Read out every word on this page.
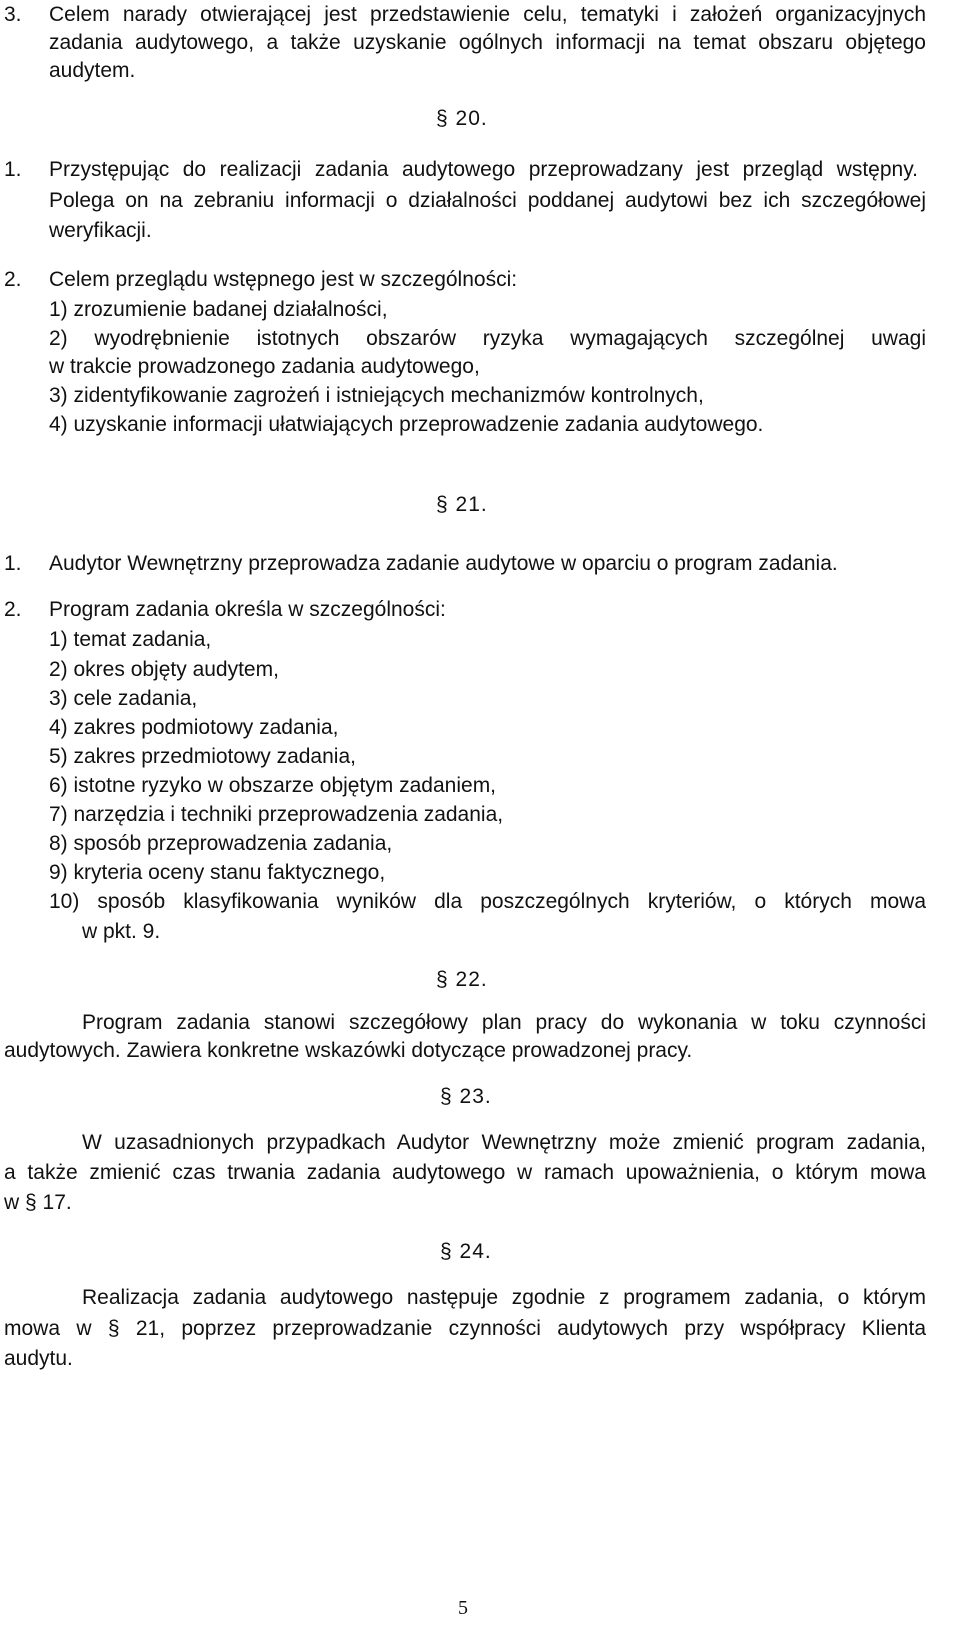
3. Celem narady otwierającej jest przedstawienie celu, tematyki i założeń organizacyjnych
zadania audytowego, a także uzyskanie ogólnych informacji na temat obszaru objętego
audytem.
§ 20.
1. Przystępując do realizacji zadania audytowego przeprowadzany jest przegląd wstępny.
Polega on na zebraniu informacji o działalności poddanej audytowi bez ich szczegółowej
weryfikacji.
2. Celem przeglądu wstępnego jest w szczególności:
1) zrozumienie badanej działalności,
2) wyodrębnienie istotnych obszarów ryzyka wymagających szczególnej uwagi
w trakcie prowadzonego zadania audytowego,
3) zidentyfikowanie zagrożeń i istniejących mechanizmów kontrolnych,
4) uzyskanie informacji ułatwiających przeprowadzenie zadania audytowego.
§ 21.
1. Audytor Wewnętrzny przeprowadza zadanie audytowe w oparciu o program zadania.
2. Program zadania określa w szczególności:
1) temat zadania,
2) okres objęty audytem,
3) cele zadania,
4) zakres podmiotowy zadania,
5) zakres przedmiotowy zadania,
6) istotne ryzyko w obszarze objętym zadaniem,
7) narzędzia i techniki przeprowadzenia zadania,
8) sposób przeprowadzenia zadania,
9) kryteria oceny stanu faktycznego,
10) sposób klasyfikowania wyników dla poszczególnych kryteriów, o których mowa
w pkt. 9.
§ 22.
Program zadania stanowi szczegółowy plan pracy do wykonania w toku czynności
audytowych. Zawiera konkretne wskazówki dotyczące prowadzonej pracy.
§ 23.
W uzasadnionych przypadkach Audytor Wewnętrzny może zmienić program zadania,
a także zmienić czas trwania zadania audytowego w ramach upoważnienia, o którym mowa
w § 17.
§ 24.
Realizacja zadania audytowego następuje zgodnie z programem zadania, o którym
mowa w § 21, poprzez przeprowadzanie czynności audytowych przy współpracy Klienta
audytu.
5
